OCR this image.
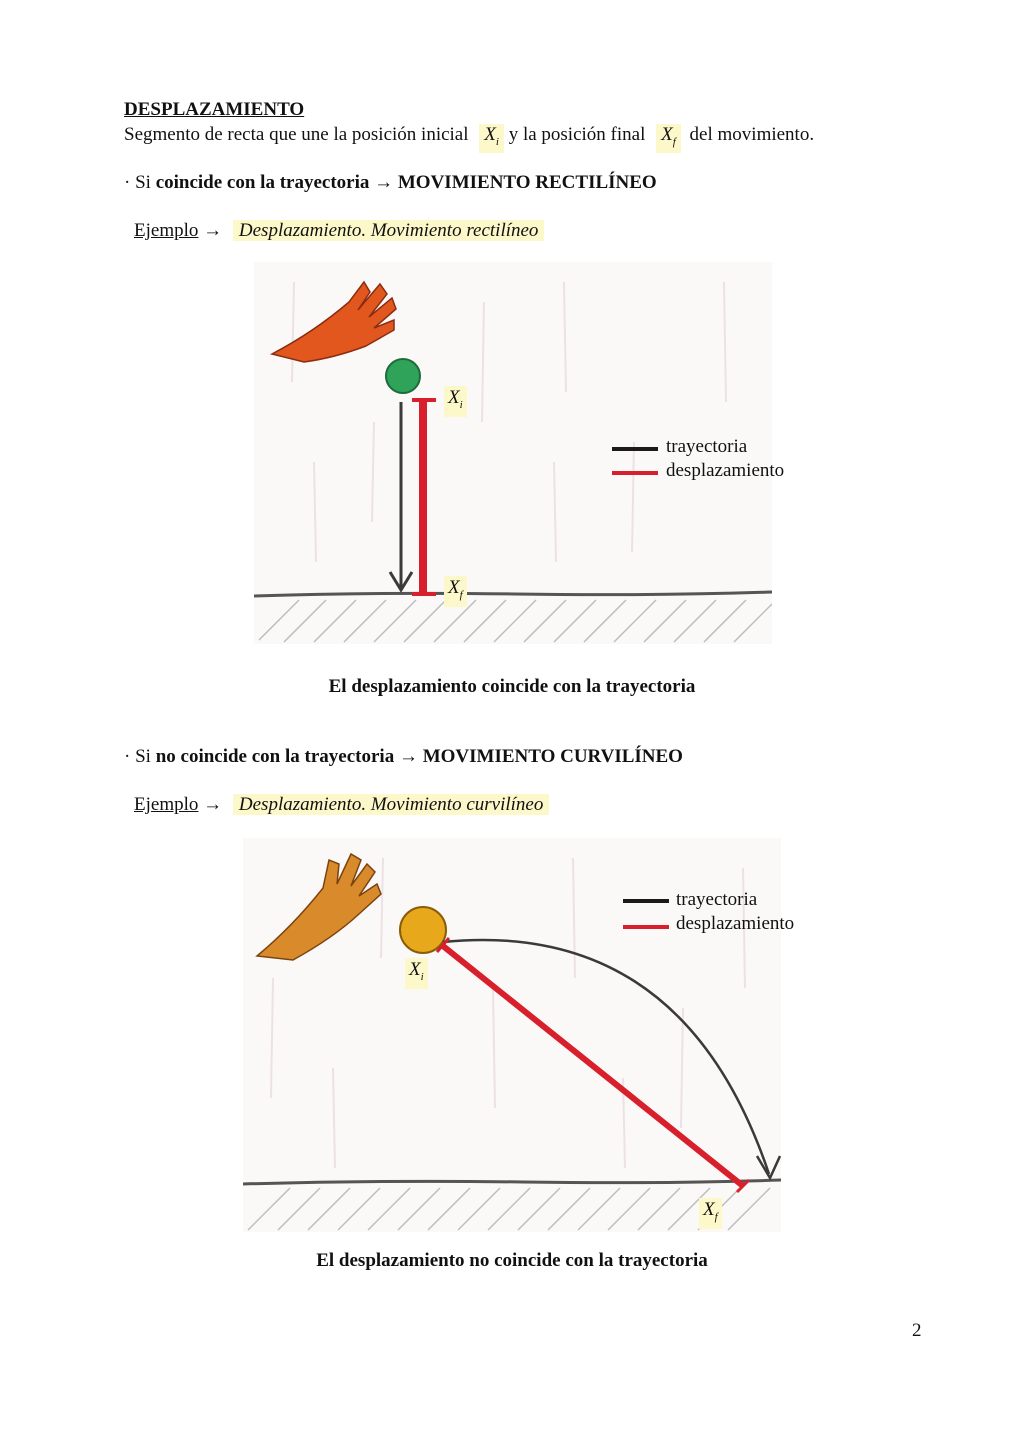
DESPLAZAMIENTO
Segmento de recta que une la posición inicial $X_i$ y la posición final $X_f$ del movimiento.
· Si coincide con la trayectoria → MOVIMIENTO RECTILÍNEO
Ejemplo → Desplazamiento. Movimiento rectilíneo
$X_i$
$X_f$
trayectoria
desplazamiento
El desplazamiento coincide con la trayectoria
· Si no coincide con la trayectoria → MOVIMIENTO CURVILÍNEO
Ejemplo → Desplazamiento. Movimiento curvilíneo
$X_i$
$X_f$
trayectoria
desplazamiento
El desplazamiento no coincide con la trayectoria
2
